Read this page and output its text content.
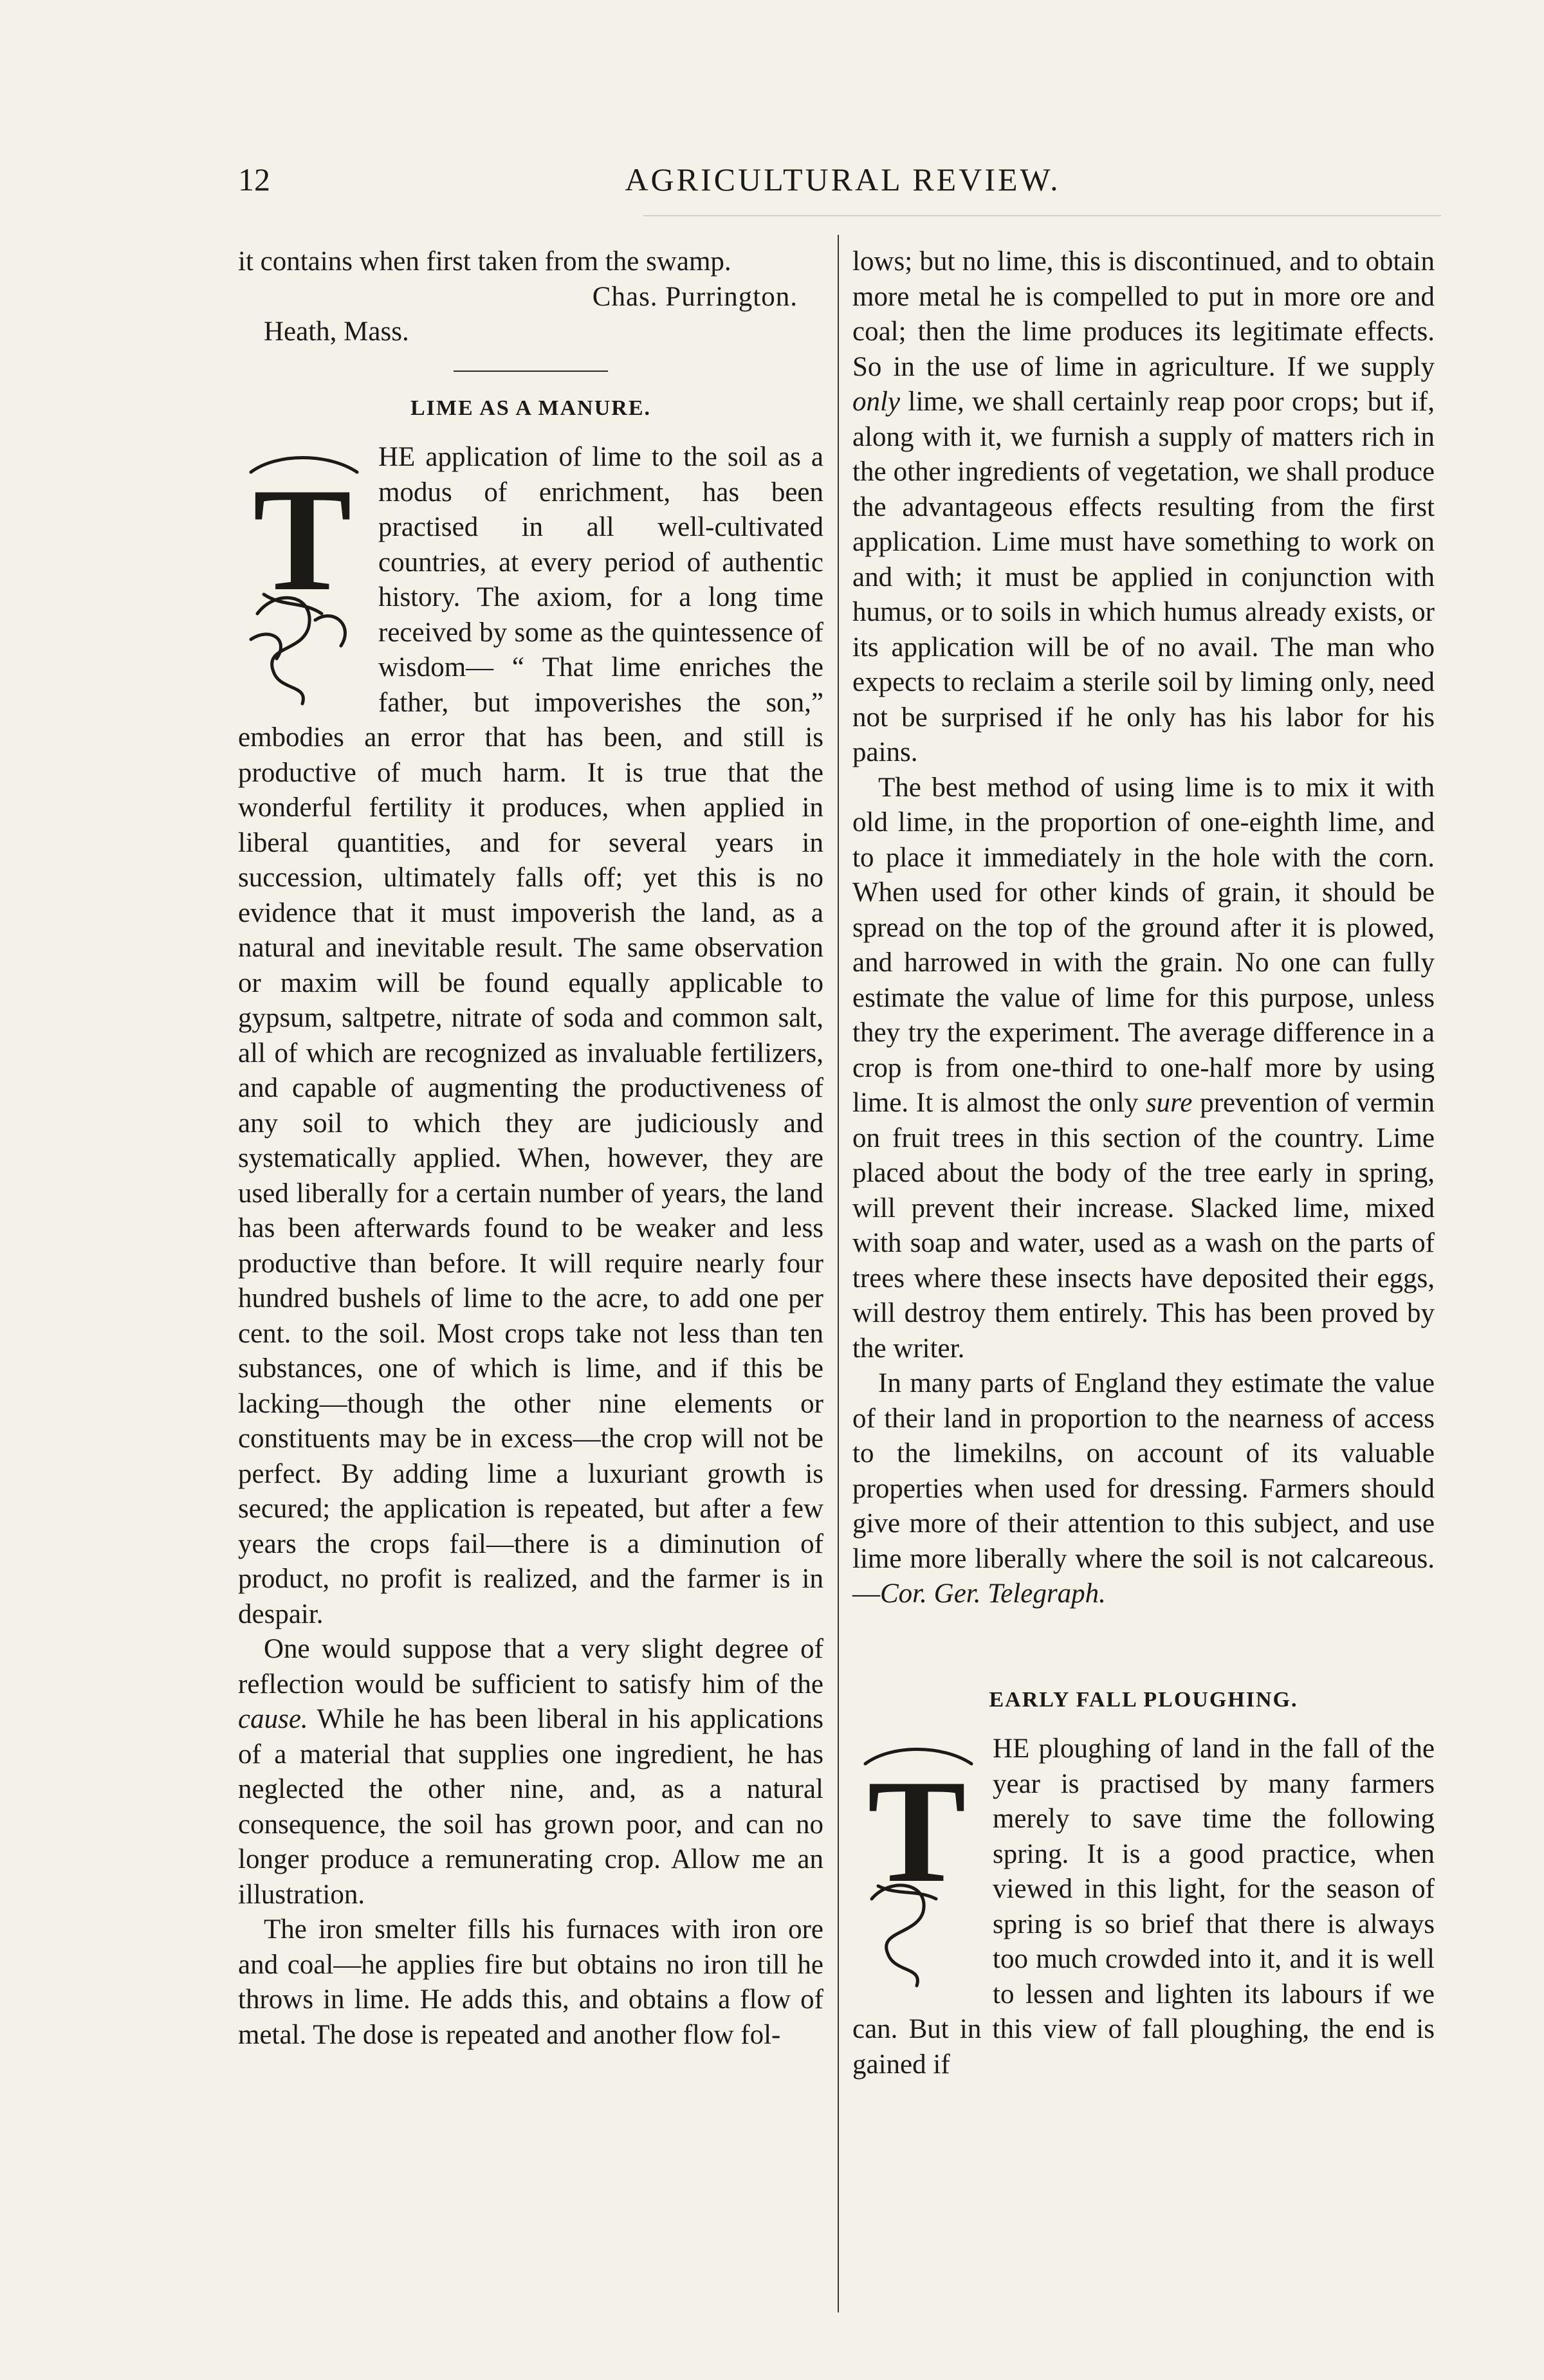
12	AGRICULTURAL REVIEW.

it contains when first taken from the swamp.

Chas. Purrington.
Heath, Mass.
LIME AS A MANURE.
T

HE application of lime to the soil as a modus of enrichment, has been practised in all well-cultivated countries, at every period of authentic history. The axiom, for a long time received by some as the quintessence of wisdom— “ That lime enriches the father, but impoverishes the son,” embodies an error that has been, and still is productive of much harm. It is true that the wonderful fertility it produces, when applied in liberal quantities, and for several years in succession, ultimately falls off; yet this is no evidence that it must impoverish the land, as a natural and inevitable result. The same observation or maxim will be found equally applicable to gypsum, saltpetre, nitrate of soda and common salt, all of which are recognized as invaluable fertilizers, and capable of augmenting the productiveness of any soil to which they are judiciously and systematically applied. When, however, they are used liberally for a certain number of years, the land has been afterwards found to be weaker and less productive than before. It will require nearly four hundred bushels of lime to the acre, to add one per cent. to the soil. Most crops take not less than ten substances, one of which is lime, and if this be lacking—though the other nine elements or constituents may be in excess—the crop will not be perfect. By adding lime a luxuriant growth is secured; the application is repeated, but after a few years the crops fail—there is a diminution of product, no profit is realized, and the farmer is in despair.

One would suppose that a very slight degree of reflection would be sufficient to satisfy him of the cause. While he has been liberal in his applications of a material that supplies one ingredient, he has neglected the other nine, and, as a natural consequence, the soil has grown poor, and can no longer produce a remunerating crop. Allow me an illustration.

The iron smelter fills his furnaces with iron ore and coal—he applies fire but obtains no iron till he throws in lime. He adds this, and obtains a flow of metal. The dose is repeated and another flow fol-

lows; but no lime, this is discontinued, and to obtain more metal he is compelled to put in more ore and coal; then the lime produces its legitimate effects. So in the use of lime in agriculture. If we supply only lime, we shall certainly reap poor crops; but if, along with it, we furnish a supply of matters rich in the other ingredients of vegetation, we shall produce the advantageous effects resulting from the first application. Lime must have something to work on and with; it must be applied in conjunction with humus, or to soils in which humus already exists, or its application will be of no avail. The man who expects to reclaim a sterile soil by liming only, need not be surprised if he only has his labor for his pains.

The best method of using lime is to mix it with old lime, in the proportion of one-eighth lime, and to place it immediately in the hole with the corn. When used for other kinds of grain, it should be spread on the top of the ground after it is plowed, and harrowed in with the grain. No one can fully estimate the value of lime for this purpose, unless they try the experiment. The average difference in a crop is from one-third to one-half more by using lime. It is almost the only sure prevention of vermin on fruit trees in this section of the country. Lime placed about the body of the tree early in spring, will prevent their increase. Slacked lime, mixed with soap and water, used as a wash on the parts of trees where these insects have deposited their eggs, will destroy them entirely. This has been proved by the writer.

In many parts of England they estimate the value of their land in proportion to the nearness of access to the limekilns, on account of its valuable properties when used for dressing. Farmers should give more of their attention to this subject, and use lime more liberally where the soil is not calcareous.—Cor. Ger. Telegraph.

EARLY FALL PLOUGHING.
T

HE ploughing of land in the fall of the year is practised by many farmers merely to save time the following spring. It is a good practice, when viewed in this light, for the season of spring is so brief that there is always too much crowded into it, and it is well to lessen and lighten its labours if we can. But in this view of fall ploughing, the end is gained if
